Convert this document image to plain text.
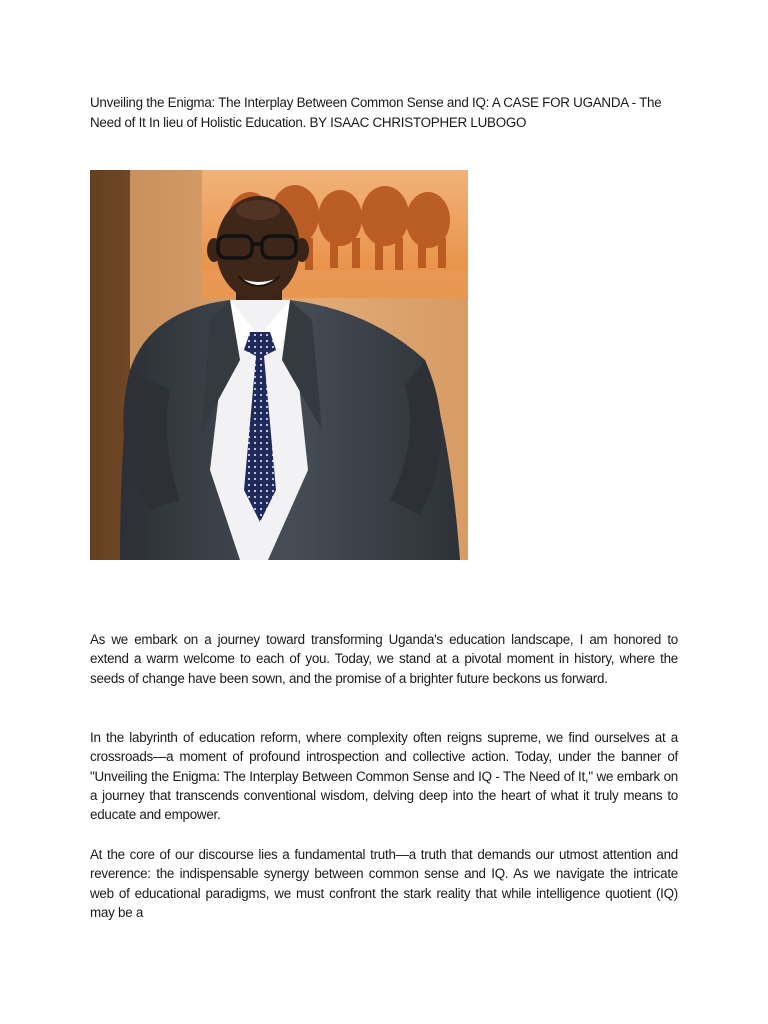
Unveiling the Enigma: The Interplay Between Common Sense and IQ: A CASE FOR UGANDA - The Need of It In lieu of Holistic Education. BY ISAAC CHRISTOPHER LUBOGO

As we embark on a journey toward transforming Uganda's education landscape, I am honored to extend a warm welcome to each of you. Today, we stand at a pivotal moment in history, where the seeds of change have been sown, and the promise of a brighter future beckons us forward.

In the labyrinth of education reform, where complexity often reigns supreme, we find ourselves at a crossroads—a moment of profound introspection and collective action. Today, under the banner of "Unveiling the Enigma: The Interplay Between Common Sense and IQ - The Need of It," we embark on a journey that transcends conventional wisdom, delving deep into the heart of what it truly means to educate and empower.

At the core of our discourse lies a fundamental truth—a truth that demands our utmost attention and reverence: the indispensable synergy between common sense and IQ. As we navigate the intricate web of educational paradigms, we must confront the stark reality that while intelligence quotient (IQ) may be a
